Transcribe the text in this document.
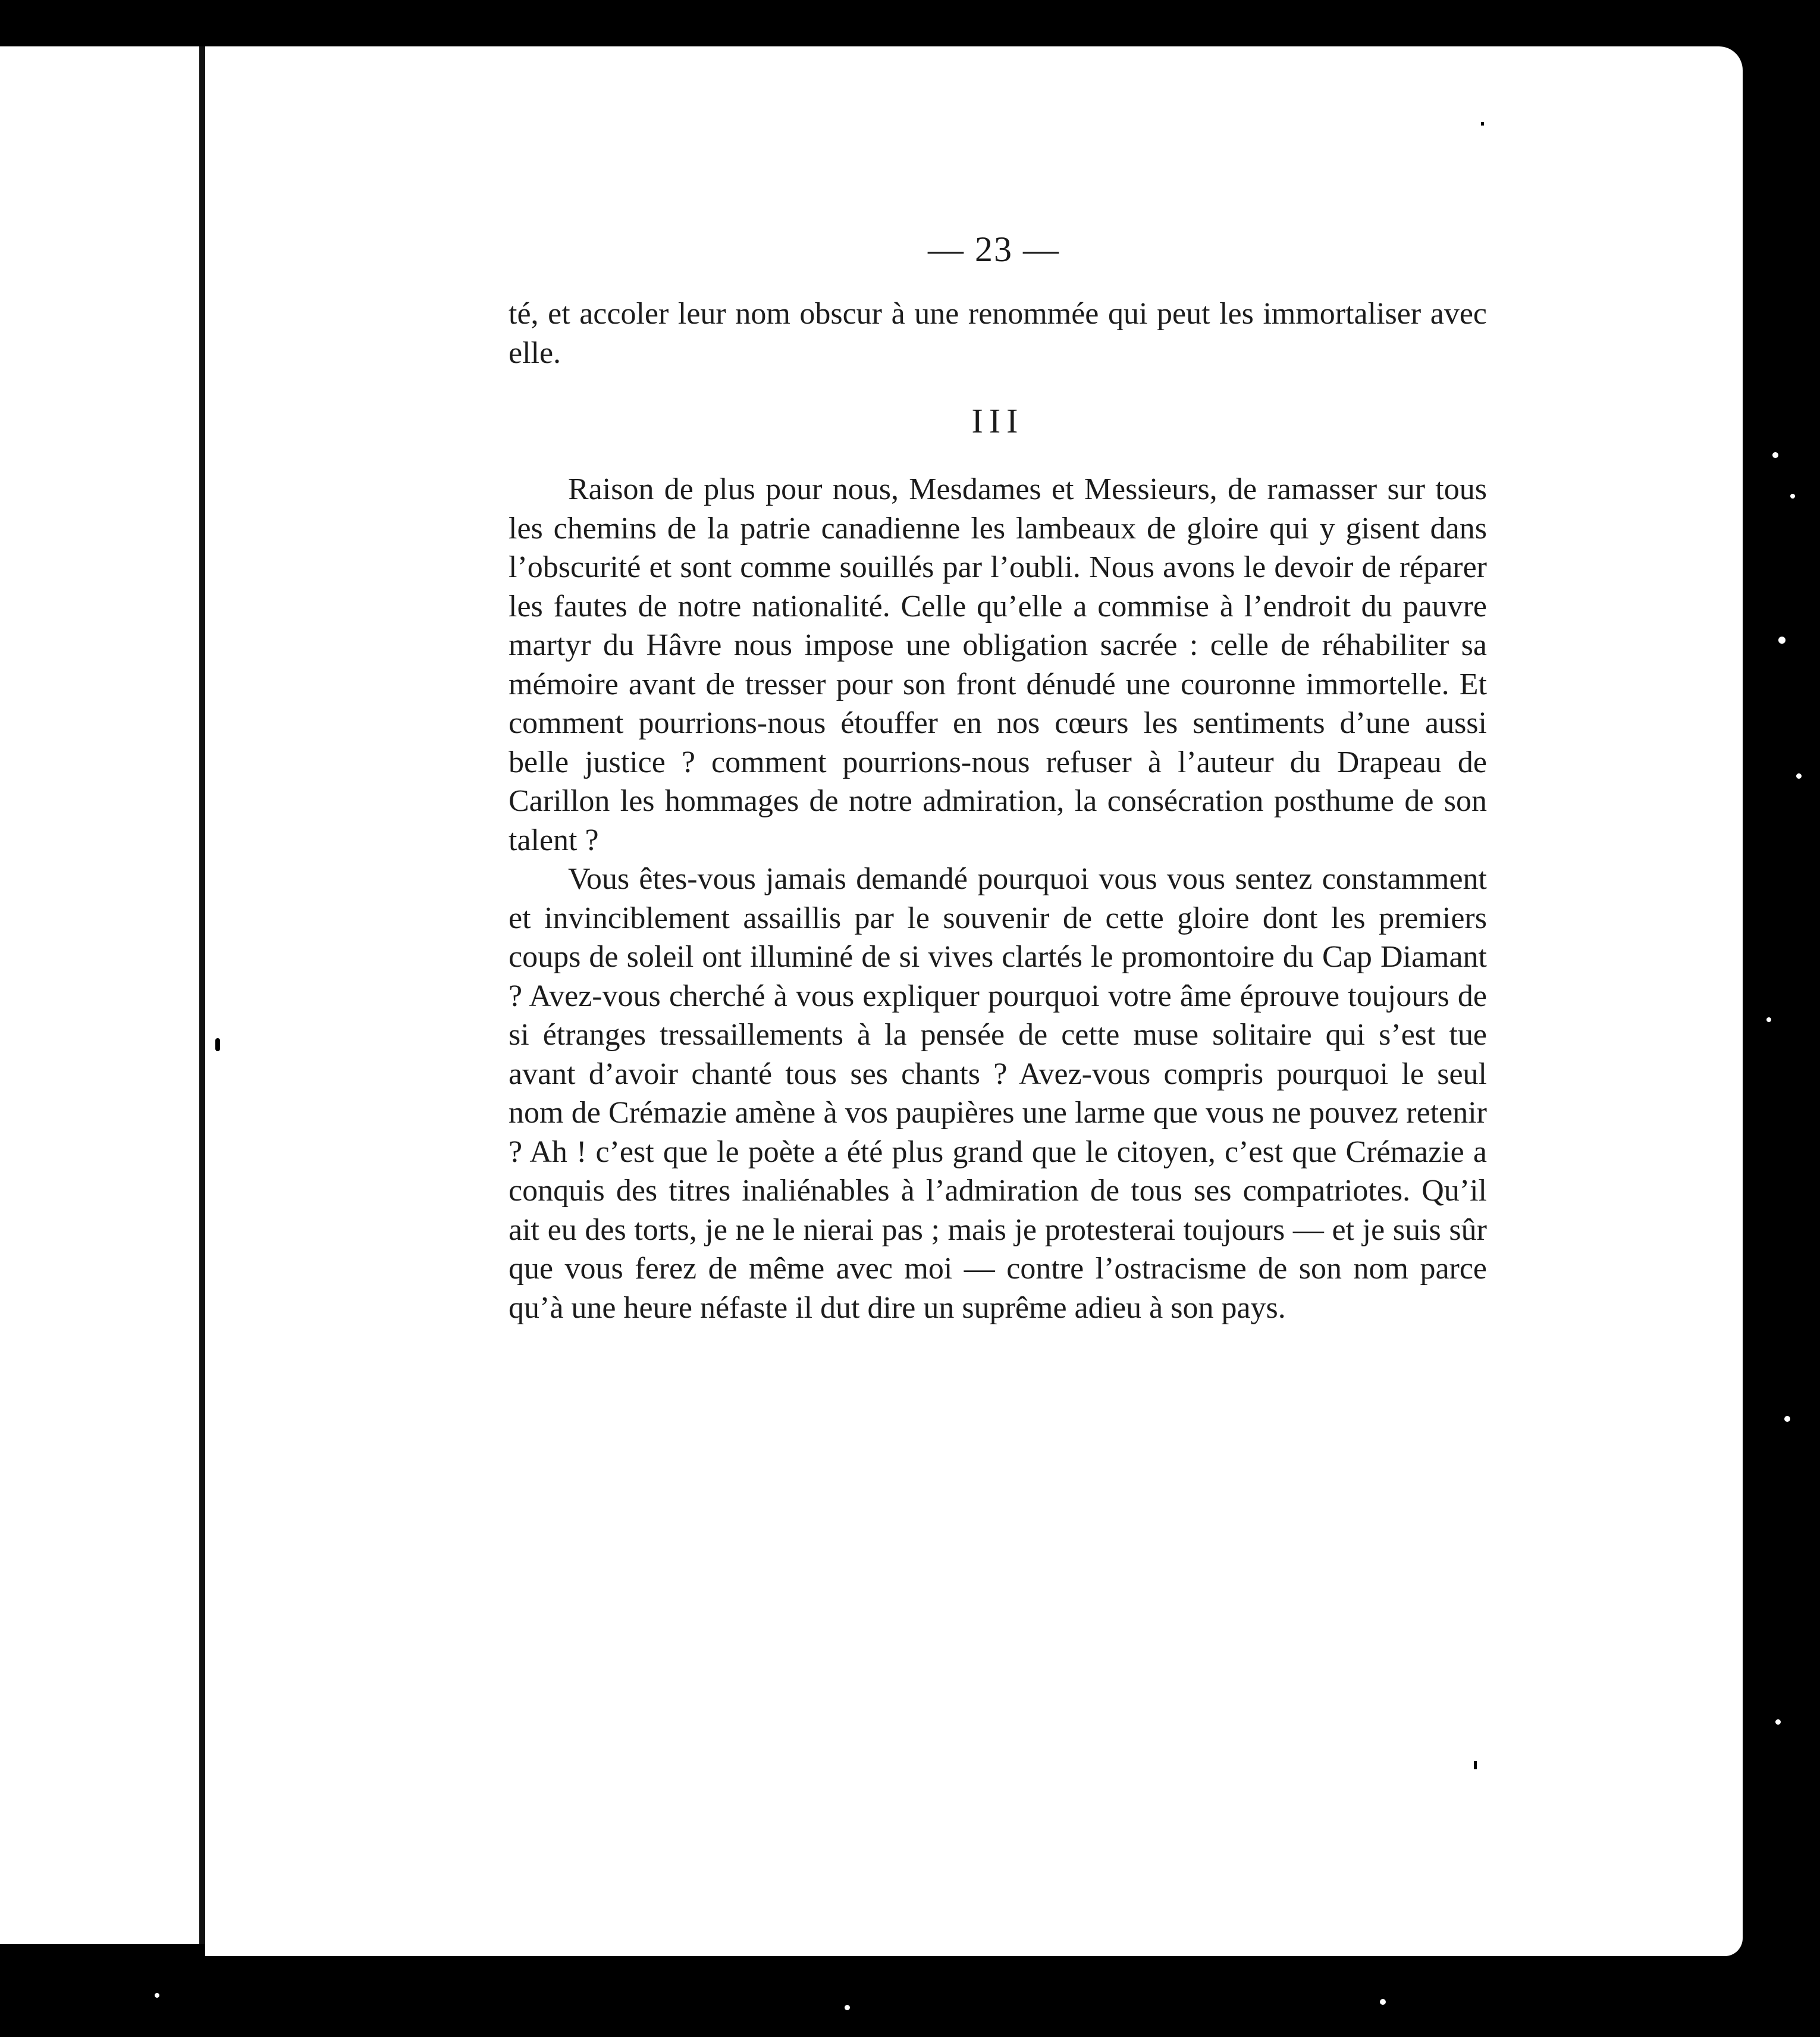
— 23 —

té, et accoler leur nom obscur à une renommée qui peut les immortaliser avec elle.

III

Raison de plus pour nous, Mesdames et Messieurs, de ramasser sur tous les chemins de la patrie canadienne les lambeaux de gloire qui y gisent dans l’obscurité et sont comme souillés par l’oubli. Nous avons le devoir de réparer les fautes de notre nationalité. Celle qu’elle a commise à l’endroit du pauvre martyr du Hâvre nous impose une obligation sacrée : celle de réhabiliter sa mémoire avant de tresser pour son front dénudé une couronne immortelle. Et comment pourrions-nous étouffer en nos cœurs les sentiments d’une aussi belle justice ? comment pourrions-nous refuser à l’auteur du Drapeau de Carillon les hommages de notre admiration, la consécration posthume de son talent ?

Vous êtes-vous jamais demandé pourquoi vous vous sentez constamment et invinciblement assaillis par le souvenir de cette gloire dont les premiers coups de soleil ont illuminé de si vives clartés le promontoire du Cap Diamant ? Avez-vous cherché à vous expliquer pourquoi votre âme éprouve toujours de si étranges tressaillements à la pensée de cette muse solitaire qui s’est tue avant d’avoir chanté tous ses chants ? Avez-vous compris pourquoi le seul nom de Crémazie amène à vos paupières une larme que vous ne pouvez retenir ? Ah ! c’est que le poète a été plus grand que le citoyen, c’est que Crémazie a conquis des titres inaliénables à l’admiration de tous ses compatriotes. Qu’il ait eu des torts, je ne le nierai pas ; mais je protesterai toujours — et je suis sûr que vous ferez de même avec moi — contre l’ostracisme de son nom parce qu’à une heure néfaste il dut dire un suprême adieu à son pays.
